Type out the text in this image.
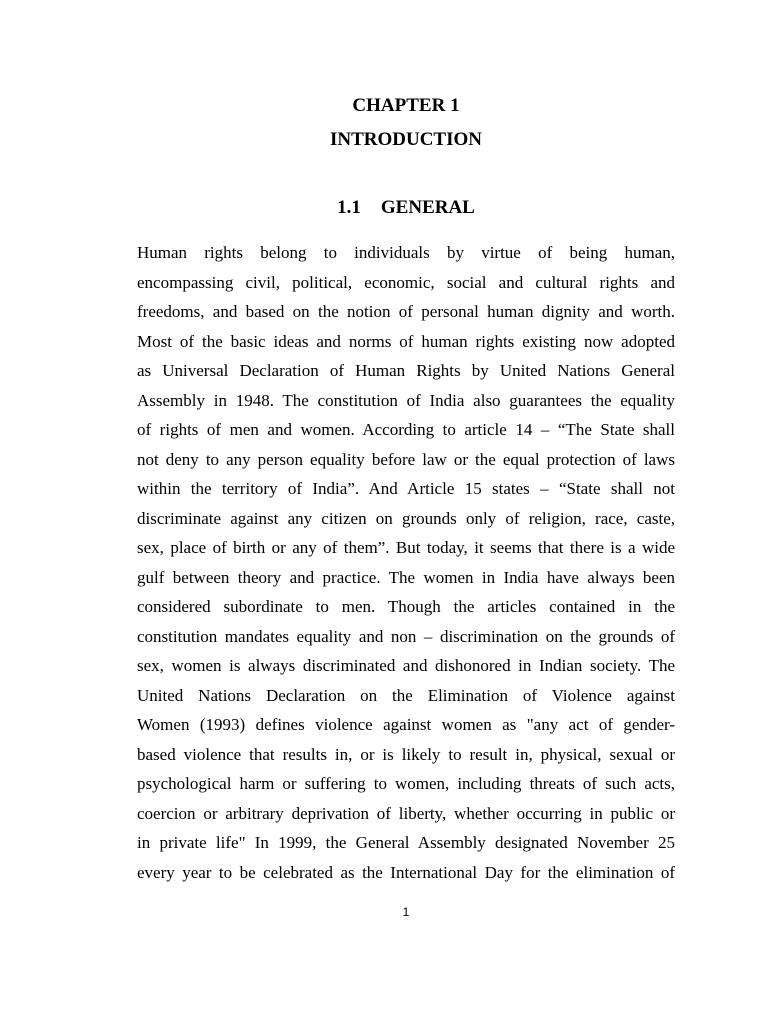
CHAPTER 1
INTRODUCTION
1.1 GENERAL
Human rights belong to individuals by virtue of being human,
encompassing civil, political, economic, social and cultural rights and
freedoms, and based on the notion of personal human dignity and worth.
Most of the basic ideas and norms of human rights existing now adopted
as Universal Declaration of Human Rights by United Nations General
Assembly in 1948. The constitution of India also guarantees the equality
of rights of men and women. According to article 14 – “The State shall
not deny to any person equality before law or the equal protection of laws
within the territory of India”. And Article 15 states – “State shall not
discriminate against any citizen on grounds only of religion, race, caste,
sex, place of birth or any of them”. But today, it seems that there is a wide
gulf between theory and practice. The women in India have always been
considered subordinate to men. Though the articles contained in the
constitution mandates equality and non – discrimination on the grounds of
sex, women is always discriminated and dishonored in Indian society. The
United Nations Declaration on the Elimination of Violence against
Women (1993) defines violence against women as "any act of gender-
based violence that results in, or is likely to result in, physical, sexual or
psychological harm or suffering to women, including threats of such acts,
coercion or arbitrary deprivation of liberty, whether occurring in public or
in private life" In 1999, the General Assembly designated November 25
every year to be celebrated as the International Day for the elimination of
1
